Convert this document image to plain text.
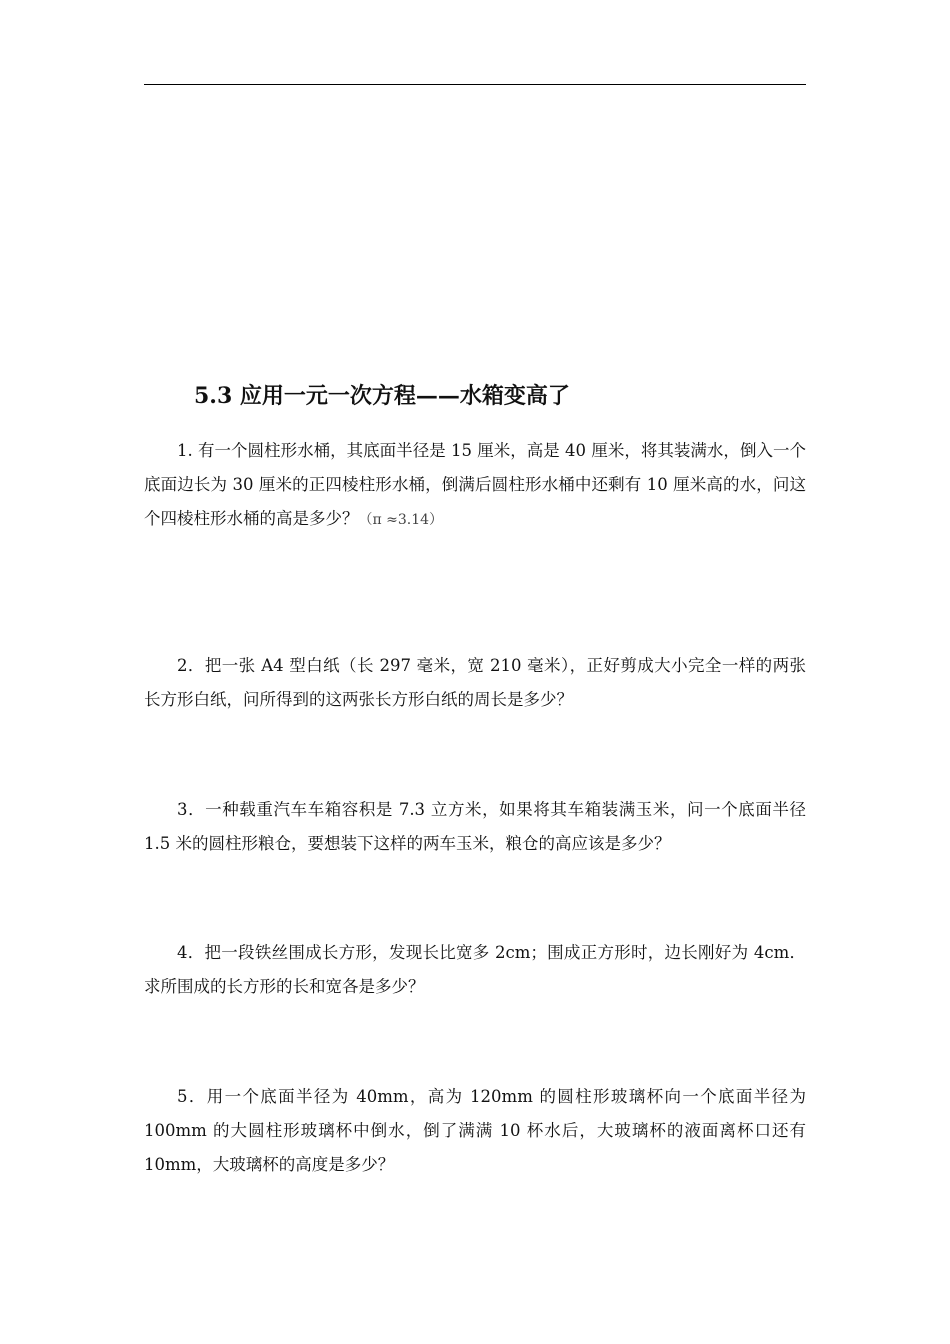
5.3 应用一元一次方程——水箱变高了

1. 有一个圆柱形水桶，其底面半径是 15 厘米，高是 40 厘米，将其装满水，倒入一个底面边长为 30 厘米的正四棱柱形水桶，倒满后圆柱形水桶中还剩有 10 厘米高的水，问这个四棱柱形水桶的高是多少？（π ≈3.14）

2．把一张 A4 型白纸（长 297 毫米，宽 210 毫米），正好剪成大小完全一样的两张长方形白纸，问所得到的这两张长方形白纸的周长是多少？

3．一种载重汽车车箱容积是 7.3 立方米，如果将其车箱装满玉米，问一个底面半径 1.5 米的圆柱形粮仓，要想装下这样的两车玉米，粮仓的高应该是多少？

4．把一段铁丝围成长方形，发现长比宽多 2cm；围成正方形时，边长刚好为 4cm．求所围成的长方形的长和宽各是多少？

5．用一个底面半径为 40mm，高为 120mm 的圆柱形玻璃杯向一个底面半径为 100mm 的大圆柱形玻璃杯中倒水，倒了满满 10 杯水后，大玻璃杯的液面离杯口还有 10mm，大玻璃杯的高度是多少？
